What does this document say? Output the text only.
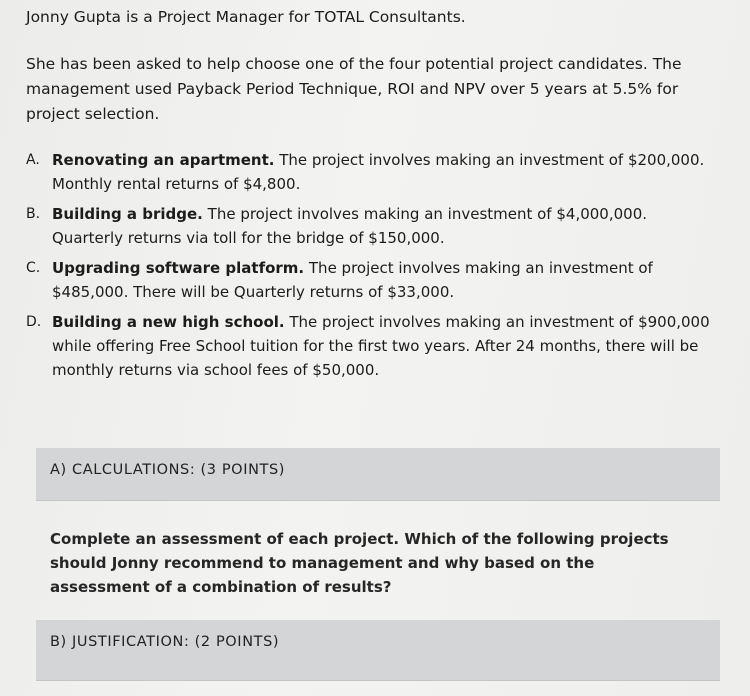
Jonny Gupta is a Project Manager for TOTAL Consultants.
She has been asked to help choose one of the four potential project candidates. The management used Payback Period Technique, ROI and NPV over 5 years at 5.5% for project selection.
A. Renovating an apartment. The project involves making an investment of $200,000. Monthly rental returns of $4,800.
B. Building a bridge. The project involves making an investment of $4,000,000. Quarterly returns via toll for the bridge of $150,000.
C. Upgrading software platform. The project involves making an investment of $485,000. There will be Quarterly returns of $33,000.
D. Building a new high school. The project involves making an investment of $900,000 while offering Free School tuition for the first two years. After 24 months, there will be monthly returns via school fees of $50,000.
A) CALCULATIONS: (3 POINTS)
Complete an assessment of each project. Which of the following projects should Jonny recommend to management and why based on the assessment of a combination of results?
B) JUSTIFICATION: (2 POINTS)
